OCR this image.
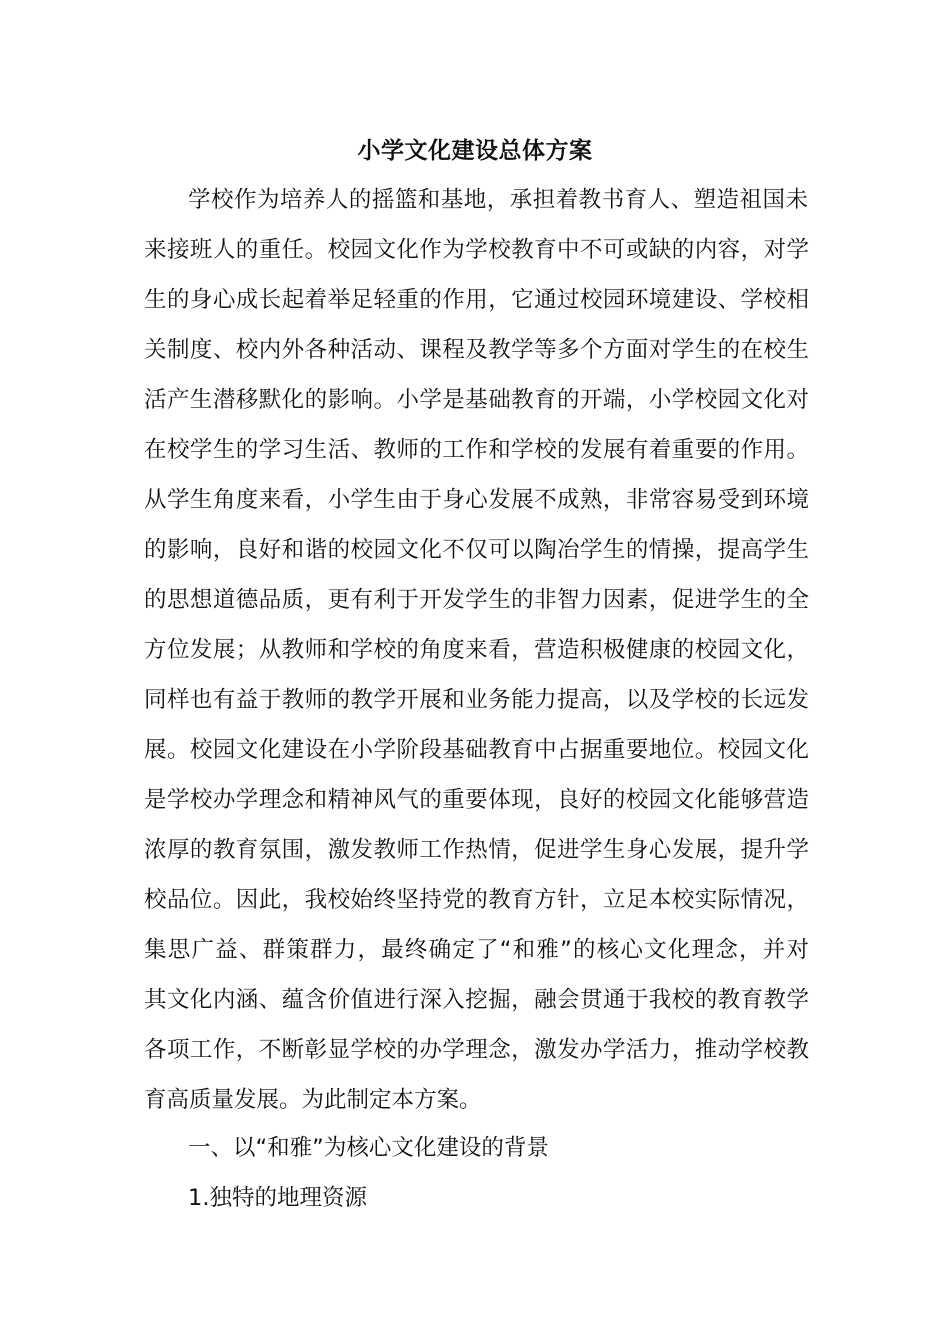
小学文化建设总体方案
学校作为培养人的摇篮和基地，承担着教书育人、塑造祖国未
来接班人的重任。校园文化作为学校教育中不可或缺的内容，对学
生的身心成长起着举足轻重的作用，它通过校园环境建设、学校相
关制度、校内外各种活动、课程及教学等多个方面对学生的在校生
活产生潜移默化的影响。小学是基础教育的开端，小学校园文化对
在校学生的学习生活、教师的工作和学校的发展有着重要的作用。
从学生角度来看，小学生由于身心发展不成熟，非常容易受到环境
的影响，良好和谐的校园文化不仅可以陶冶学生的情操，提高学生
的思想道德品质，更有利于开发学生的非智力因素，促进学生的全
方位发展；从教师和学校的角度来看，营造积极健康的校园文化，
同样也有益于教师的教学开展和业务能力提高，以及学校的长远发
展。校园文化建设在小学阶段基础教育中占据重要地位。校园文化
是学校办学理念和精神风气的重要体现，良好的校园文化能够营造
浓厚的教育氛围，激发教师工作热情，促进学生身心发展，提升学
校品位。因此，我校始终坚持党的教育方针，立足本校实际情况，
集思广益、群策群力，最终确定了“和雅”的核心文化理念，并对
其文化内涵、蕴含价值进行深入挖掘，融会贯通于我校的教育教学
各项工作，不断彰显学校的办学理念，激发办学活力，推动学校教
育高质量发展。为此制定本方案。
一、以“和雅”为核心文化建设的背景
1.独特的地理资源
